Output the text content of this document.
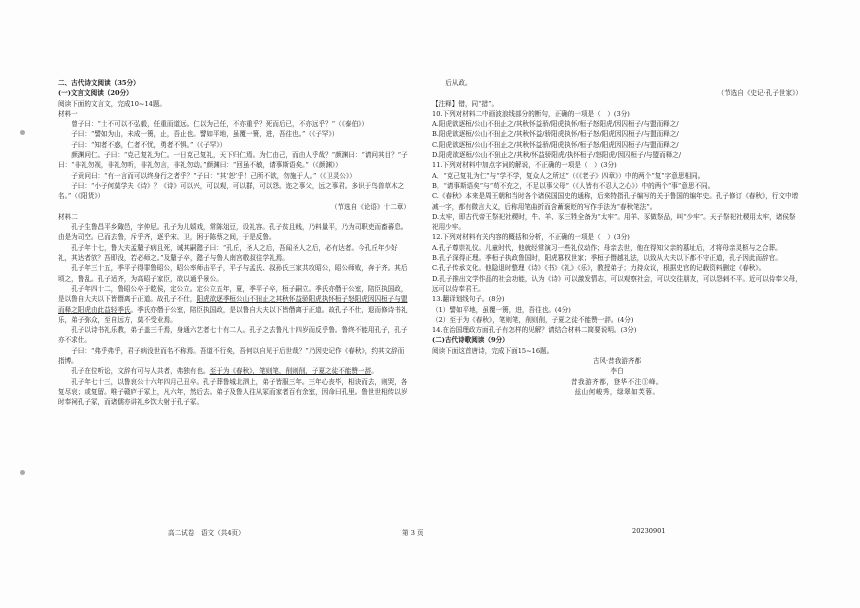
二、古代诗文阅读（35分）

(一)文言文阅读（20分）

阅读下面的文言文，完成10~14题。

材料一

曾子曰：“士不可以不弘毅，任重而道远。仁以为己任，不亦重乎？死而后已，不亦远乎？”（《泰伯》）

子曰：“譬如为山，未成一篑，止，吾止也。譬如平地，虽覆一篑，进，吾往也。”（《子罕》）

子曰：“知者不惑，仁者不忧，勇者不惧。”（《子罕》）

颜渊问仁。子曰：“克己复礼为仁。一日克己复礼，天下归仁焉。为仁由己，而由人乎哉？”颜渊曰：“请问其目？”子曰：“非礼勿视，非礼勿听，非礼勿言，非礼勿动。”颜渊曰：“回虽不敏，请事斯语矣。”（《颜渊》）

子贡问曰：“有一言而可以终身行之者乎？”子曰：“其‘恕’乎！己所不欲，勿施于人。”（《卫灵公》）

子曰：“小子何莫学夫《诗》？《诗》可以兴，可以观，可以群，可以怨。迩之事父，远之事君。多识于鸟兽草木之名。”（《阳货》）

（节选自《论语》十二章）

材料二

孔子生鲁昌平乡陬邑，字仲尼。孔子为儿嬉戏，常陈俎豆，设礼容。孔子贫且贱，乃料量平，乃为司职吏而畜蕃息。由是为司空。已而去鲁，斥乎齐，逐乎宋、卫，困于陈蔡之间，于是反鲁。

孔子年十七，鲁大夫孟釐子病且死，诫其嗣懿子曰：“孔丘，圣人之后，吾闻圣人之后，必有达者。今孔丘年少好礼，其达者欤？吾即没，若必师之。”及釐子卒，懿子与鲁人南宫敬叔往学礼焉。

孔子年三十五，季平子得罪鲁昭公，昭公率师击平子，平子与孟氏、叔孙氏三家共攻昭公，昭公师败，奔于齐。其后顷之，鲁乱。孔子适齐，为高昭子家臣，欲以通乎景公。

孔子年四十二，鲁昭公卒于乾侯，定公立。定公立五年，夏，季平子卒，桓子嗣立。季氏亦僭于公室，陪臣执国政，是以鲁自大夫以下皆僭离于正道。故孔子不仕，阳虎欲逐季桓公山不狃止之其秋怀益骄阳虎执怀桓子怒阳虎因囚桓子与盟而释之阳虎由此益轻季氏。季氏亦僭于公室，陪臣执国政，是以鲁自大夫以下皆僭离于正道。故孔子不仕，退而修诗书礼乐，弟子弥众，至自远方，莫不受业焉。

孔子以诗书礼乐教，弟子盖三千焉，身通六艺者七十有二人。孔子之去鲁凡十四岁而反乎鲁。鲁终不能用孔子，孔子亦不求仕。

子曰：“弗乎弗乎，君子病没世而名不称焉。吾道不行矣，吾何以自见于后世哉？”乃因史记作《春秋》，约其文辞而指博。

孔子在位听讼，文辞有可与人共者，弗独有也。至于为《春秋》，笔则笔，削则削，子夏之徒不能赞一辞。

孔子年七十三，以鲁哀公十六年四月己丑卒。孔子葬鲁城北泗上，弟子皆服三年。三年心丧毕，相诀而去，则哭，各复尽哀；或复留。唯子赣庐于冢上，凡六年，然后去。弟子及鲁人往从冢而家者百有余室，因命曰孔里。鲁世世相传以岁时奉祠孔子冢，而诸儒亦讲礼乡饮大射于孔子冢。

后从政。

（节选自《史记·孔子世家》）

【注释】错，同“措”。

10.下列对材料二中画波浪线部分的断句，正确的一项是（　）(3分)

A.阳虎欲逐桓/公山不狃止之/其秋怀益骄/阳虎执怀/桓子怒阳虎/因囚桓子/与盟而释之/

B.阳虎欲逐桓/公山不狃止之/其秋怀益/骄阳虎执怀/桓子怒/阳虎因囚桓子/与盟而释之/

C.阳虎欲逐桓/公山不狃止之/其秋怀益骄/阳虎执怀/桓子怒/阳虎因囚桓子/与盟而释之/

D.阳虎欲逐桓/公山不狃止之/其秋/怀益骄阳虎/执怀桓子/怒阳虎/因囚桓子/与盟而释之/

11.下列对材料中加点字词的解说，不正确的一项是（　）(3分)

A．“克己复礼为仁”与“学不学，复众人之所过”（《《老子》四章》）中的两个“复”字意思相同。

B．“请事斯语矣”与“苟不充之，不足以事父母”（《人皆有不忍人之心》）中的两个“事”意思不同。

C.《春秋》本来是周王朝和当时各个诸侯国国史的通称，后来特指孔子编写的关于鲁国的编年史。孔子修订《春秋》，行文中增减一字，都有微言大义，后称用笔曲折而含蓄褒贬的写作手法为“春秋笔法”。

D.太牢，即古代帝王祭祀社稷时，牛、羊、豕三牲全备为“太牢”。用羊、豕做祭品，叫“少牢”。天子祭祀社稷用太牢，诸侯祭祀用少牢。

12.下列对材料有关内容的概括和分析，不正确的一项是（　）(3分)

A.孔子尊崇礼仪。儿童时代，他就经常演习一些礼仪动作；母亲去世，他在得知父亲的墓址后，才将母亲灵柩与之合葬。

B.孔子深得正理。季桓子执政鲁国时，阳虎篡权世家；季桓子僭越礼法，以致从大夫以下都不守正道，孔子因此而辞官。

C.孔子传承文化。他隐退时整理《诗》《书》《礼》《乐》，教授弟子；力持众议，根据史官的记载资料删定《春秋》。

D.孔子推出文学作品的社会功能，认为《诗》可以激发情志，可以观察社会，可以交往朋友，可以怨刺不平。近可以侍奉父母，远可以侍奉君王。

13.翻译划线句子。(8分)

（1）譬如平地，虽覆一篑，进，吾往也。(4分)

（2）至于为《春秋》，笔则笔，削则削，子夏之徒不能赞一辞。(4分)

14.在治国理政方面孔子有怎样的见解？请结合材料二简要说明。(3分)

(二)古代诗歌阅读（9分）

阅读下面这首唐诗，完成下面15~16题。

古风·昔我游齐都

李白

昔我游齐都，登华不注①峰。

兹山何峻秀，绿翠如芙蓉。

高二试卷　语文（共4页）	第 3 页	20230901
